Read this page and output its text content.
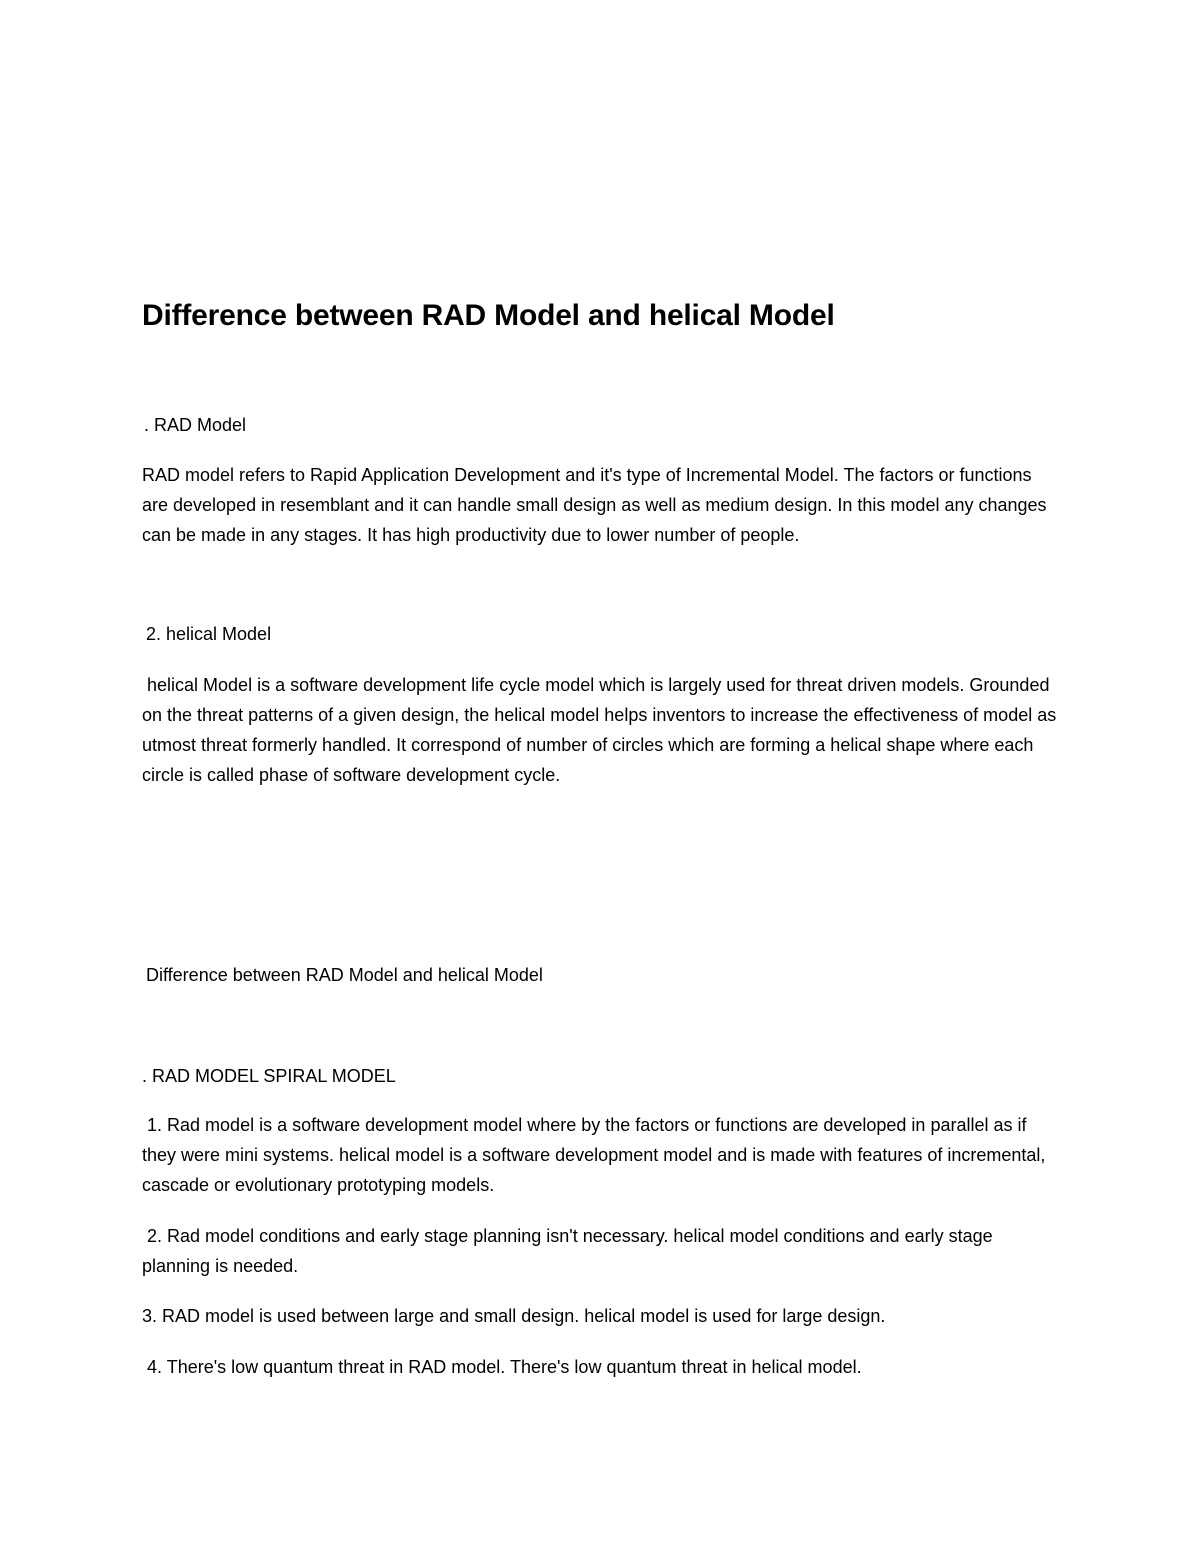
Difference between RAD Model and helical Model

. RAD Model

RAD model refers to Rapid Application Development and it's type of Incremental Model. The factors or functions are developed in resemblant and it can handle small design as well as medium design. In this model any changes can be made in any stages. It has high productivity due to lower number of people.

2. helical Model

helical Model is a software development life cycle model which is largely used for threat driven models. Grounded on the threat patterns of a given design, the helical model helps inventors to increase the effectiveness of model as utmost threat formerly handled. It correspond of number of circles which are forming a helical shape where each circle is called phase of software development cycle.

Difference between RAD Model and helical Model

. RAD MODEL SPIRAL MODEL

1. Rad model is a software development model where by the factors or functions are developed in parallel as if they were mini systems. helical model is a software development model and is made with features of incremental, cascade or evolutionary prototyping models.

2. Rad model conditions and early stage planning isn't necessary. helical model conditions and early stage planning is needed.

3. RAD model is used between large and small design. helical model is used for large design.

4. There's low quantum threat in RAD model. There's low quantum threat in helical model.
